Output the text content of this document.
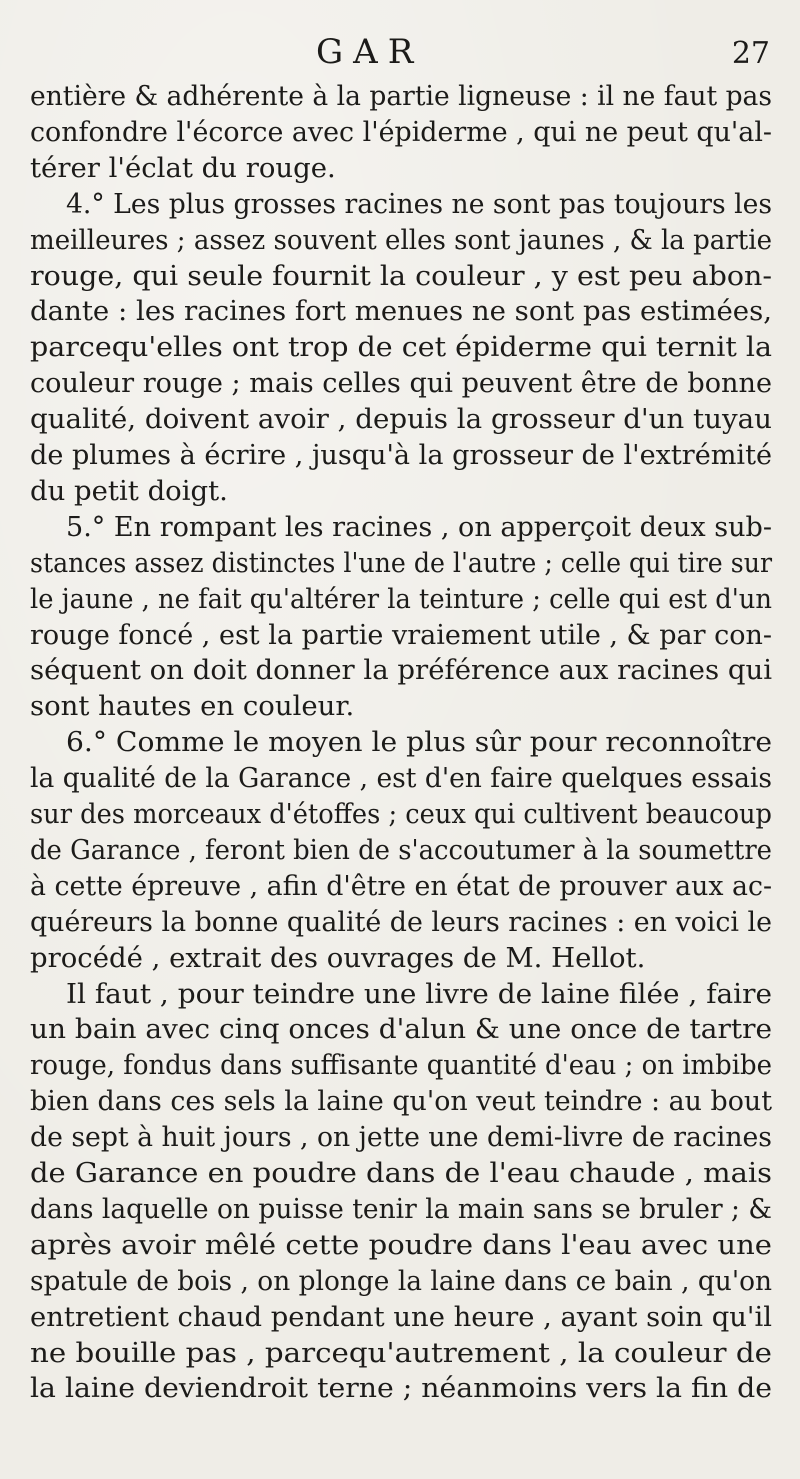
GAR	27
entière & adhérente à la partie ligneuse : il ne faut pas
confondre l'écorce avec l'épiderme , qui ne peut qu'al-
térer l'éclat du rouge.
4.° Les plus grosses racines ne sont pas toujours les
meilleures ; assez souvent elles sont jaunes , & la partie
rouge, qui seule fournit la couleur , y est peu abon-
dante : les racines fort menues ne sont pas estimées,
parcequ'elles ont trop de cet épiderme qui ternit la
couleur rouge ; mais celles qui peuvent être de bonne
qualité, doivent avoir , depuis la grosseur d'un tuyau
de plumes à écrire , jusqu'à la grosseur de l'extrémité
du petit doigt.
5.° En rompant les racines , on apperçoit deux sub-
stances assez distinctes l'une de l'autre ; celle qui tire sur
le jaune , ne fait qu'altérer la teinture ; celle qui est d'un
rouge foncé , est la partie vraiement utile , & par con-
séquent on doit donner la préférence aux racines qui
sont hautes en couleur.
6.° Comme le moyen le plus sûr pour reconnoître
la qualité de la Garance , est d'en faire quelques essais
sur des morceaux d'étoffes ; ceux qui cultivent beaucoup
de Garance , feront bien de s'accoutumer à la soumettre
à cette épreuve , afin d'être en état de prouver aux ac-
quéreurs la bonne qualité de leurs racines : en voici le
procédé , extrait des ouvrages de M. Hellot.
Il faut , pour teindre une livre de laine filée , faire
un bain avec cinq onces d'alun & une once de tartre
rouge, fondus dans suffisante quantité d'eau ; on imbibe
bien dans ces sels la laine qu'on veut teindre : au bout
de sept à huit jours , on jette une demi-livre de racines
de Garance en poudre dans de l'eau chaude , mais
dans laquelle on puisse tenir la main sans se bruler ; &
après avoir mêlé cette poudre dans l'eau avec une
spatule de bois , on plonge la laine dans ce bain , qu'on
entretient chaud pendant une heure , ayant soin qu'il
ne bouille pas , parcequ'autrement , la couleur de
la laine deviendroit terne ; néanmoins vers la fin de
